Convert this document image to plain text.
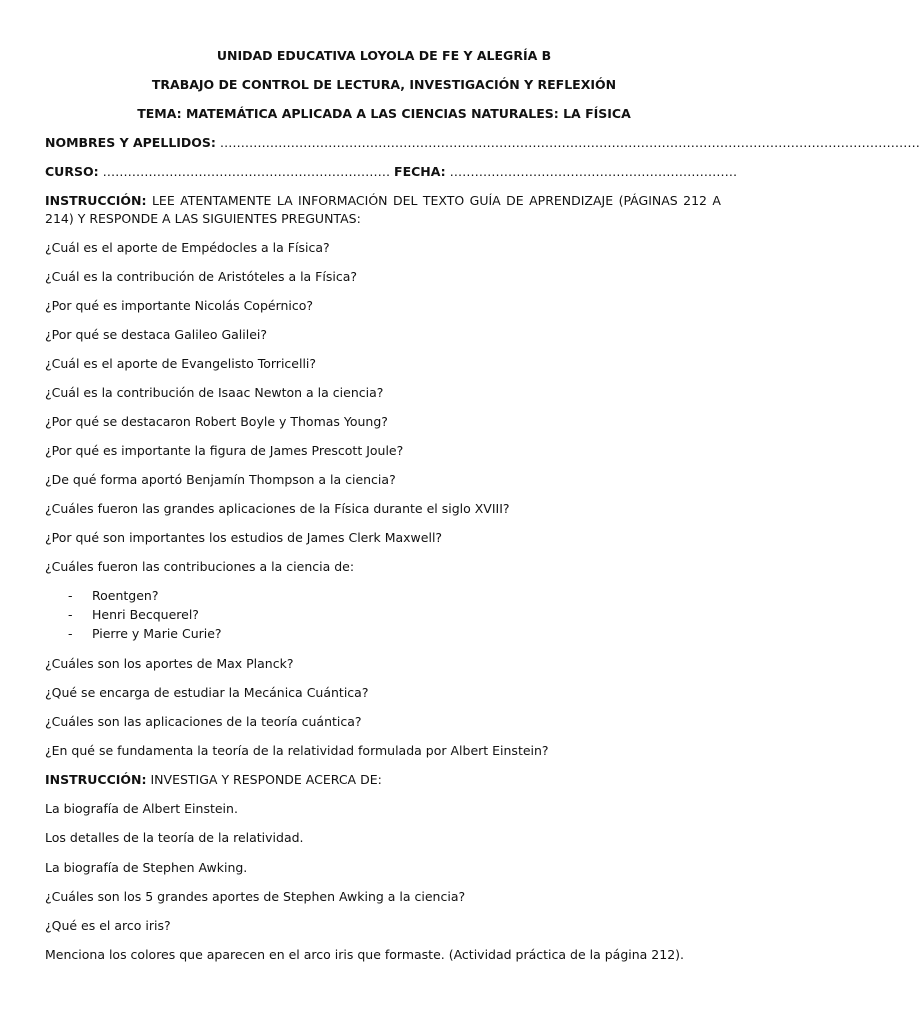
UNIDAD EDUCATIVA LOYOLA DE FE Y ALEGRÍA B
TRABAJO DE CONTROL DE LECTURA, INVESTIGACIÓN Y REFLEXIÓN
TEMA: MATEMÁTICA APLICADA A LAS CIENCIAS NATURALES: LA FÍSICA
NOMBRES Y APELLIDOS: ……………………………………………………………………………………………………………………………………………………
CURSO: …………………………………………………………… FECHA: ……………………………………………………………
INSTRUCCIÓN: LEE ATENTAMENTE LA INFORMACIÓN DEL TEXTO GUÍA DE APRENDIZAJE (PÁGINAS 212 A 214) Y RESPONDE A LAS SIGUIENTES PREGUNTAS:
¿Cuál es el aporte de Empédocles a la Física?
¿Cuál es la contribución de Aristóteles a la Física?
¿Por qué es importante Nicolás Copérnico?
¿Por qué se destaca Galileo Galilei?
¿Cuál es el aporte de Evangelisto Torricelli?
¿Cuál es la contribución de Isaac Newton a la ciencia?
¿Por qué se destacaron Robert Boyle y Thomas Young?
¿Por qué es importante la figura de James Prescott Joule?
¿De qué forma aportó Benjamín Thompson a la ciencia?
¿Cuáles fueron las grandes aplicaciones de la Física durante el siglo XVIII?
¿Por qué son importantes los estudios de James Clerk Maxwell?
¿Cuáles fueron las contribuciones a la ciencia de:
- Roentgen?
- Henri Becquerel?
- Pierre y Marie Curie?
¿Cuáles son los aportes de Max Planck?
¿Qué se encarga de estudiar la Mecánica Cuántica?
¿Cuáles son las aplicaciones de la teoría cuántica?
¿En qué se fundamenta la teoría de la relatividad formulada por Albert Einstein?
INSTRUCCIÓN: INVESTIGA Y RESPONDE ACERCA DE:
La biografía de Albert Einstein.
Los detalles de la teoría de la relatividad.
La biografía de Stephen Awking.
¿Cuáles son los 5 grandes aportes de Stephen Awking a la ciencia?
¿Qué es el arco iris?
Menciona los colores que aparecen en el arco iris que formaste. (Actividad práctica de la página 212).
